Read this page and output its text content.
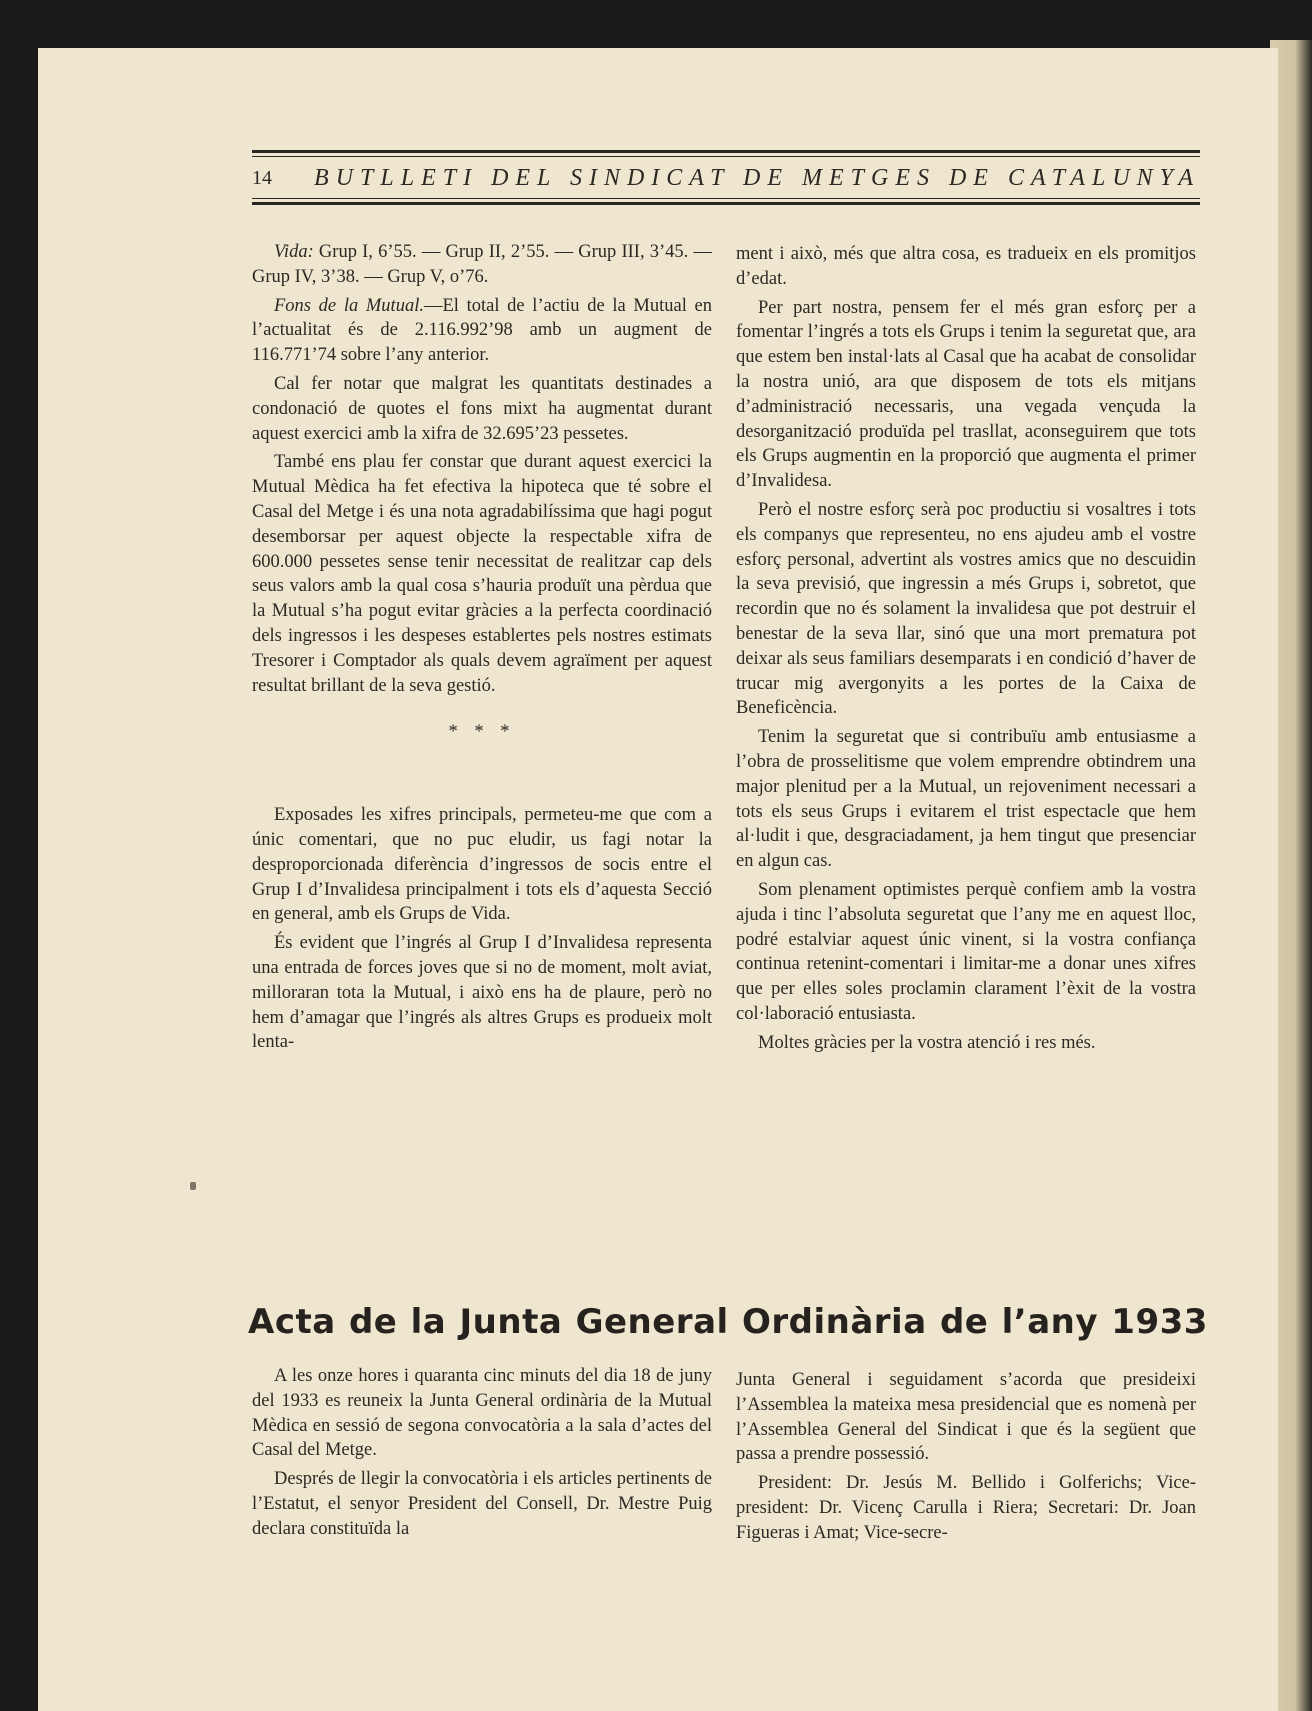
14 BUTLLETI DEL SINDICAT DE METGES DE CATALUNYA

Vida: Grup I, 6’55. — Grup II, 2’55. — Grup III, 3’45. — Grup IV, 3’38. — Grup V, o’76.

Fons de la Mutual.—El total de l’actiu de la Mutual en l’actualitat és de 2.116.992’98 amb un augment de 116.771’74 sobre l’any anterior.

Cal fer notar que malgrat les quantitats destinades a condonació de quotes el fons mixt ha augmentat durant aquest exercici amb la xifra de 32.695’23 pessetes.

També ens plau fer constar que durant aquest exercici la Mutual Mèdica ha fet efectiva la hipoteca que té sobre el Casal del Metge i és una nota agradabilíssima que hagi pogut desemborsar per aquest objecte la respectable xifra de 600.000 pessetes sense tenir necessitat de realitzar cap dels seus valors amb la qual cosa s’hauria produït una pèrdua que la Mutual s’ha pogut evitar gràcies a la perfecta coordinació dels ingressos i les despeses establertes pels nostres estimats Tresorer i Comptador als quals devem agraïment per aquest resultat brillant de la seva gestió.

* * *

Exposades les xifres principals, permeteu-me que com a únic comentari, que no puc eludir, us fagi notar la desproporcionada diferència d’ingressos de socis entre el Grup I d’Invalidesa principalment i tots els d’aquesta Secció en general, amb els Grups de Vida.

És evident que l’ingrés al Grup I d’Invalidesa representa una entrada de forces joves que si no de moment, molt aviat, milloraran tota la Mutual, i això ens ha de plaure, però no hem d’amagar que l’ingrés als altres Grups es produeix molt lenta-

ment i això, més que altra cosa, es tradueix en els promitjos d’edat.

Per part nostra, pensem fer el més gran esforç per a fomentar l’ingrés a tots els Grups i tenim la seguretat que, ara que estem ben instal·lats al Casal que ha acabat de consolidar la nostra unió, ara que disposem de tots els mitjans d’administració necessaris, una vegada vençuda la desorganització produïda pel trasllat, aconseguirem que tots els Grups augmentin en la proporció que augmenta el primer d’Invalidesa.

Però el nostre esforç serà poc productiu si vosaltres i tots els companys que representeu, no ens ajudeu amb el vostre esforç personal, advertint als vostres amics que no descuidin la seva previsió, que ingressin a més Grups i, sobretot, que recordin que no és solament la invalidesa que pot destruir el benestar de la seva llar, sinó que una mort prematura pot deixar als seus familiars desemparats i en condició d’haver de trucar mig avergonyits a les portes de la Caixa de Beneficència.

Tenim la seguretat que si contribuïu amb entusiasme a l’obra de prosselitisme que volem emprendre obtindrem una major plenitud per a la Mutual, un rejoveniment necessari a tots els seus Grups i evitarem el trist espectacle que hem al·ludit i que, desgraciadament, ja hem tingut que presenciar en algun cas.

Som plenament optimistes perquè confiem amb la vostra ajuda i tinc l’absoluta seguretat que l’any me en aquest lloc, podré estalviar aquest únic vinent, si la vostra confiança continua retenint-comentari i limitar-me a donar unes xifres que per elles soles proclamin clarament l’èxit de la vostra col·laboració entusiasta.

Moltes gràcies per la vostra atenció i res més.

Acta de la Junta General Ordinària de l’any 1933

A les onze hores i quaranta cinc minuts del dia 18 de juny del 1933 es reuneix la Junta General ordinària de la Mutual Mèdica en sessió de segona convocatòria a la sala d’actes del Casal del Metge.

Després de llegir la convocatòria i els articles pertinents de l’Estatut, el senyor President del Consell, Dr. Mestre Puig declara constituïda la

Junta General i seguidament s’acorda que presideixi l’Assemblea la mateixa mesa presidencial que es nomenà per l’Assemblea General del Sindicat i que és la següent que passa a prendre possessió.

President: Dr. Jesús M. Bellido i Golferichs; Vice-president: Dr. Vicenç Carulla i Riera; Secretari: Dr. Joan Figueras i Amat; Vice-secre-
